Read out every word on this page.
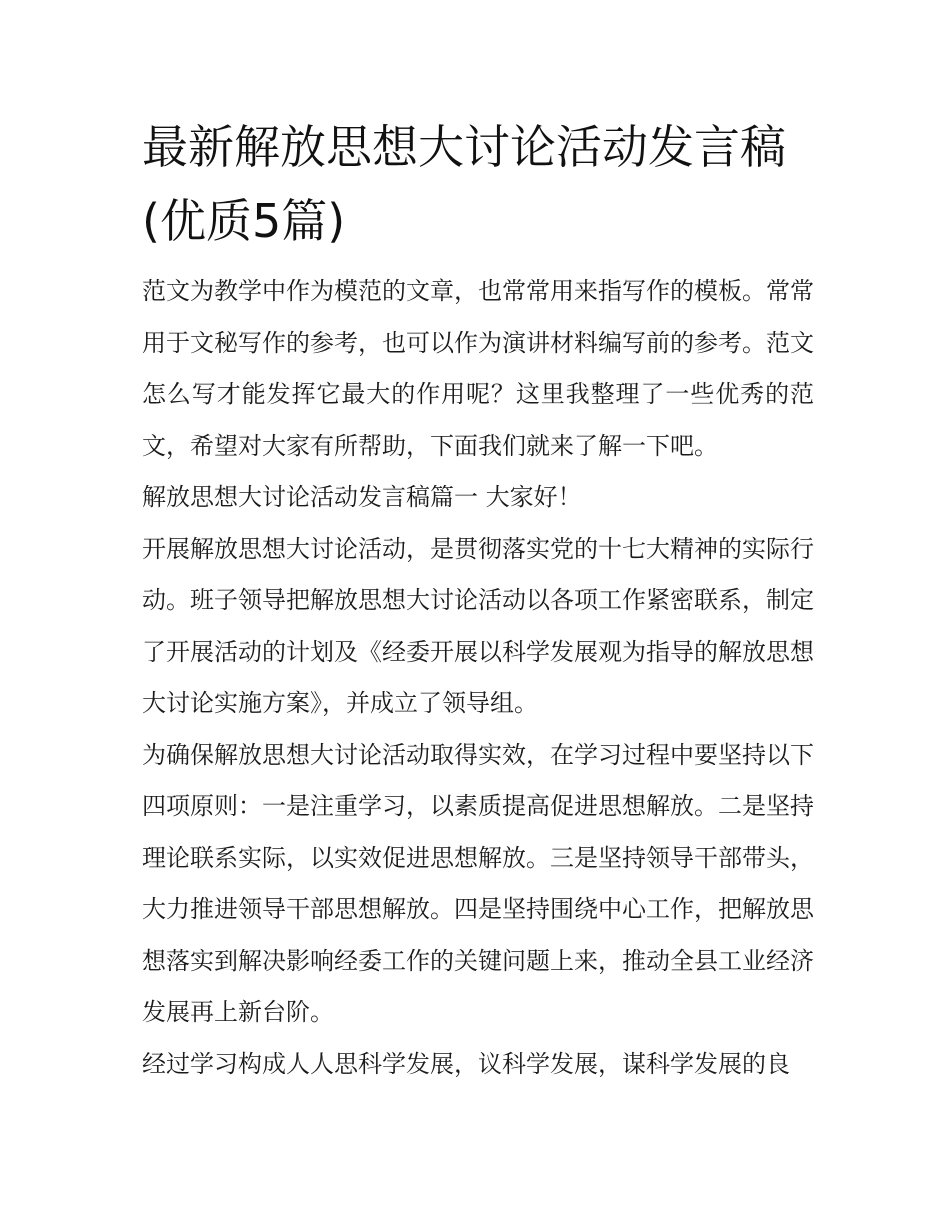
最新解放思想大讨论活动发言稿(优质5篇)

范文为教学中作为模范的文章，也常常用来指写作的模板。常常用于文秘写作的参考，也可以作为演讲材料编写前的参考。范文怎么写才能发挥它最大的作用呢？这里我整理了一些优秀的范文，希望对大家有所帮助，下面我们就来了解一下吧。

解放思想大讨论活动发言稿篇一 大家好！

开展解放思想大讨论活动，是贯彻落实党的十七大精神的实际行动。班子领导把解放思想大讨论活动以各项工作紧密联系，制定了开展活动的计划及《经委开展以科学发展观为指导的解放思想大讨论实施方案》，并成立了领导组。

为确保解放思想大讨论活动取得实效，在学习过程中要坚持以下四项原则：一是注重学习，以素质提高促进思想解放。二是坚持理论联系实际，以实效促进思想解放。三是坚持领导干部带头，大力推进领导干部思想解放。四是坚持围绕中心工作，把解放思想落实到解决影响经委工作的关键问题上来，推动全县工业经济发展再上新台阶。

经过学习构成人人思科学发展，议科学发展，谋科学发展的良
